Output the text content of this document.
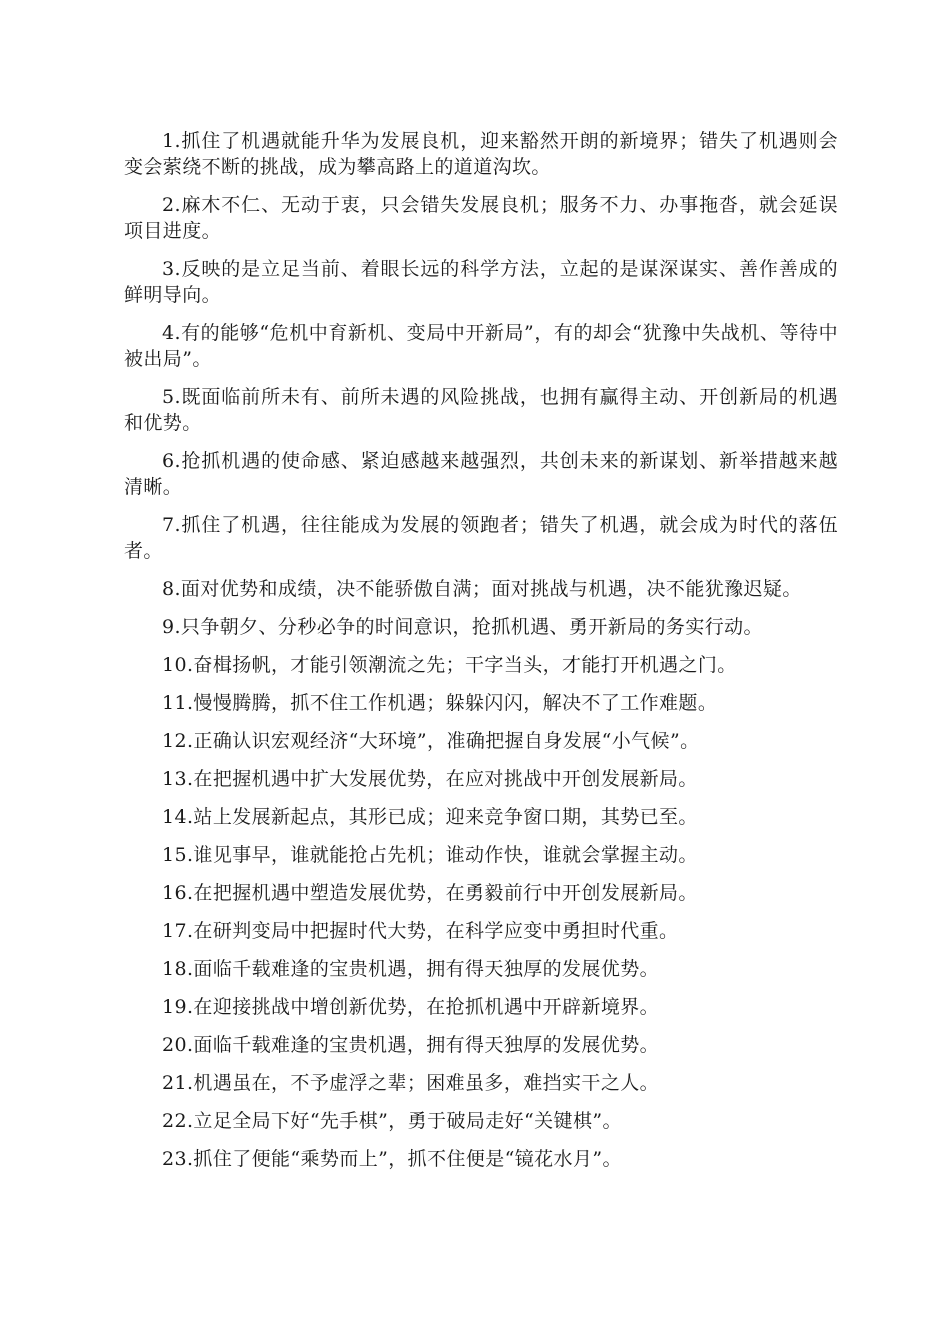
1.抓住了机遇就能升华为发展良机，迎来豁然开朗的新境界；错失了机遇则会变会萦绕不断的挑战，成为攀高路上的道道沟坎。

2.麻木不仁、无动于衷，只会错失发展良机；服务不力、办事拖沓，就会延误项目进度。

3.反映的是立足当前、着眼长远的科学方法，立起的是谋深谋实、善作善成的鲜明导向。

4.有的能够“危机中育新机、变局中开新局”，有的却会“犹豫中失战机、等待中被出局”。

5.既面临前所未有、前所未遇的风险挑战，也拥有赢得主动、开创新局的机遇和优势。

6.抢抓机遇的使命感、紧迫感越来越强烈，共创未来的新谋划、新举措越来越清晰。

7.抓住了机遇，往往能成为发展的领跑者；错失了机遇，就会成为时代的落伍者。

8.面对优势和成绩，决不能骄傲自满；面对挑战与机遇，决不能犹豫迟疑。

9.只争朝夕、分秒必争的时间意识，抢抓机遇、勇开新局的务实行动。

10.奋楫扬帆，才能引领潮流之先；干字当头，才能打开机遇之门。

11.慢慢腾腾，抓不住工作机遇；躲躲闪闪，解决不了工作难题。

12.正确认识宏观经济“大环境”，准确把握自身发展“小气候”。

13.在把握机遇中扩大发展优势，在应对挑战中开创发展新局。

14.站上发展新起点，其形已成；迎来竞争窗口期，其势已至。

15.谁见事早，谁就能抢占先机；谁动作快，谁就会掌握主动。

16.在把握机遇中塑造发展优势，在勇毅前行中开创发展新局。

17.在研判变局中把握时代大势，在科学应变中勇担时代重。

18.面临千载难逢的宝贵机遇，拥有得天独厚的发展优势。

19.在迎接挑战中增创新优势，在抢抓机遇中开辟新境界。

20.面临千载难逢的宝贵机遇，拥有得天独厚的发展优势。

21.机遇虽在，不予虚浮之辈；困难虽多，难挡实干之人。

22.立足全局下好“先手棋”，勇于破局走好“关键棋”。

23.抓住了便能“乘势而上”，抓不住便是“镜花水月”。
